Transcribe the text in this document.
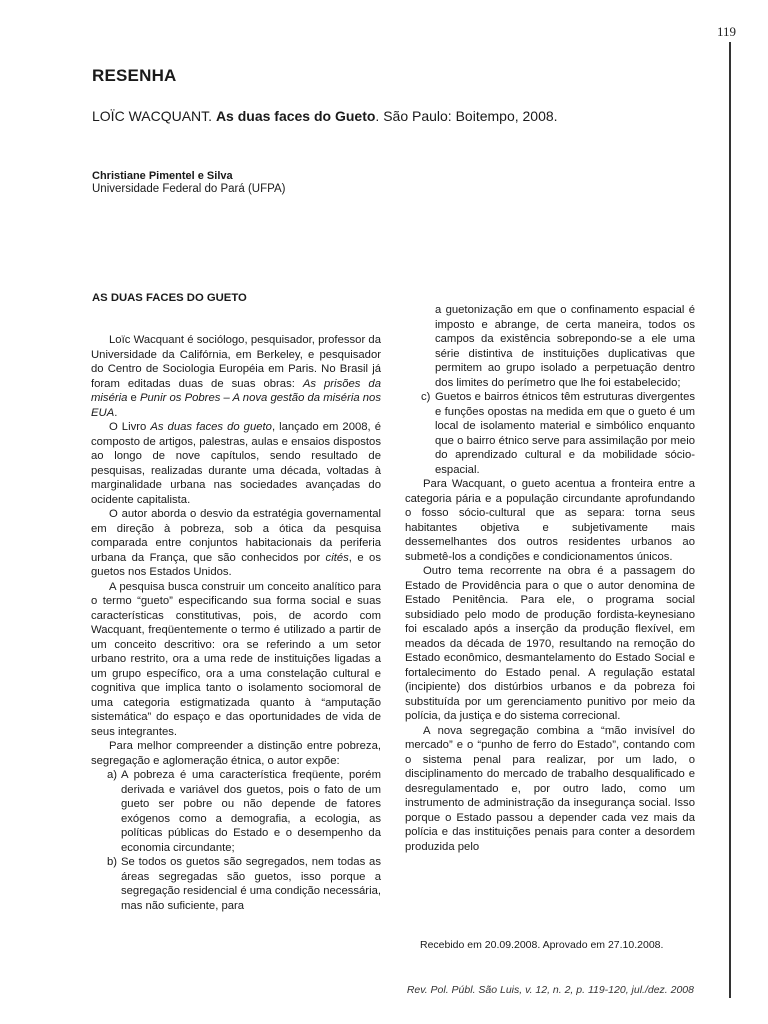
119
RESENHA
LOÏC WACQUANT. As duas faces do Gueto. São Paulo: Boitempo, 2008.
Christiane Pimentel e Silva
Universidade Federal do Pará (UFPA)
AS DUAS FACES DO GUETO

Loïc Wacquant é sociólogo, pesquisador, professor da Universidade da Califórnia, em Berkeley, e pesquisador do Centro de Sociologia Européia em Paris. No Brasil já foram editadas duas de suas obras: As prisões da miséria e Punir os Pobres – A nova gestão da miséria nos EUA.

O Livro As duas faces do gueto, lançado em 2008, é composto de artigos, palestras, aulas e ensaios dispostos ao longo de nove capítulos, sendo resultado de pesquisas, realizadas durante uma década, voltadas à marginalidade urbana nas sociedades avançadas do ocidente capitalista.

O autor aborda o desvio da estratégia governamental em direção à pobreza, sob a ótica da pesquisa comparada entre conjuntos habitacionais da periferia urbana da França, que são conhecidos por cités, e os guetos nos Estados Unidos.

A pesquisa busca construir um conceito analítico para o termo “gueto” especificando sua forma social e suas características constitutivas, pois, de acordo com Wacquant, freqüentemente o termo é utilizado a partir de um conceito descritivo: ora se referindo a um setor urbano restrito, ora a uma rede de instituições ligadas a um grupo específico, ora a uma constelação cultural e cognitiva que implica tanto o isolamento sociomoral de uma categoria estigmatizada quanto à “amputação sistemática” do espaço e das oportunidades de vida de seus integrantes.

Para melhor compreender a distinção entre pobreza, segregação e aglomeração étnica, o autor expõe:

a) A pobreza é uma característica freqüente, porém derivada e variável dos guetos, pois o fato de um gueto ser pobre ou não depende de fatores exógenos como a demografia, a ecologia, as políticas públicas do Estado e o desempenho da economia circundante;
b) Se todos os guetos são segregados, nem todas as áreas segregadas são guetos, isso porque a segregação residencial é uma condição necessária, mas não suficiente, para
a guetonização em que o confinamento espacial é imposto e abrange, de certa maneira, todos os campos da existência sobrepondo-se a ele uma série distintiva de instituições duplicativas que permitem ao grupo isolado a perpetuação dentro dos limites do perímetro que lhe foi estabelecido;
c) Guetos e bairros étnicos têm estruturas divergentes e funções opostas na medida em que o gueto é um local de isolamento material e simbólico enquanto que o bairro étnico serve para assimilação por meio do aprendizado cultural e da mobilidade sócio-espacial.

Para Wacquant, o gueto acentua a fronteira entre a categoria pária e a população circundante aprofundando o fosso sócio-cultural que as separa: torna seus habitantes objetiva e subjetivamente mais dessemelhantes dos outros residentes urbanos ao submetê-los a condições e condicionamentos únicos.

Outro tema recorrente na obra é a passagem do Estado de Providência para o que o autor denomina de Estado Penitência. Para ele, o programa social subsidiado pelo modo de produção fordista-keynesiano foi escalado após a inserção da produção flexível, em meados da década de 1970, resultando na remoção do Estado econômico, desmantelamento do Estado Social e fortalecimento do Estado penal. A regulação estatal (incipiente) dos distúrbios urbanos e da pobreza foi substituída por um gerenciamento punitivo por meio da polícia, da justiça e do sistema correcional.

A nova segregação combina a “mão invisível do mercado” e o “punho de ferro do Estado”, contando com o sistema penal para realizar, por um lado, o disciplinamento do mercado de trabalho desqualificado e desregulamentado e, por outro lado, como um instrumento de administração da insegurança social. Isso porque o Estado passou a depender cada vez mais da polícia e das instituições penais para conter a desordem produzida pelo

Recebido em 20.09.2008. Aprovado em 27.10.2008.
Rev. Pol. Públ. São Luis, v. 12, n. 2, p. 119-120, jul./dez. 2008
